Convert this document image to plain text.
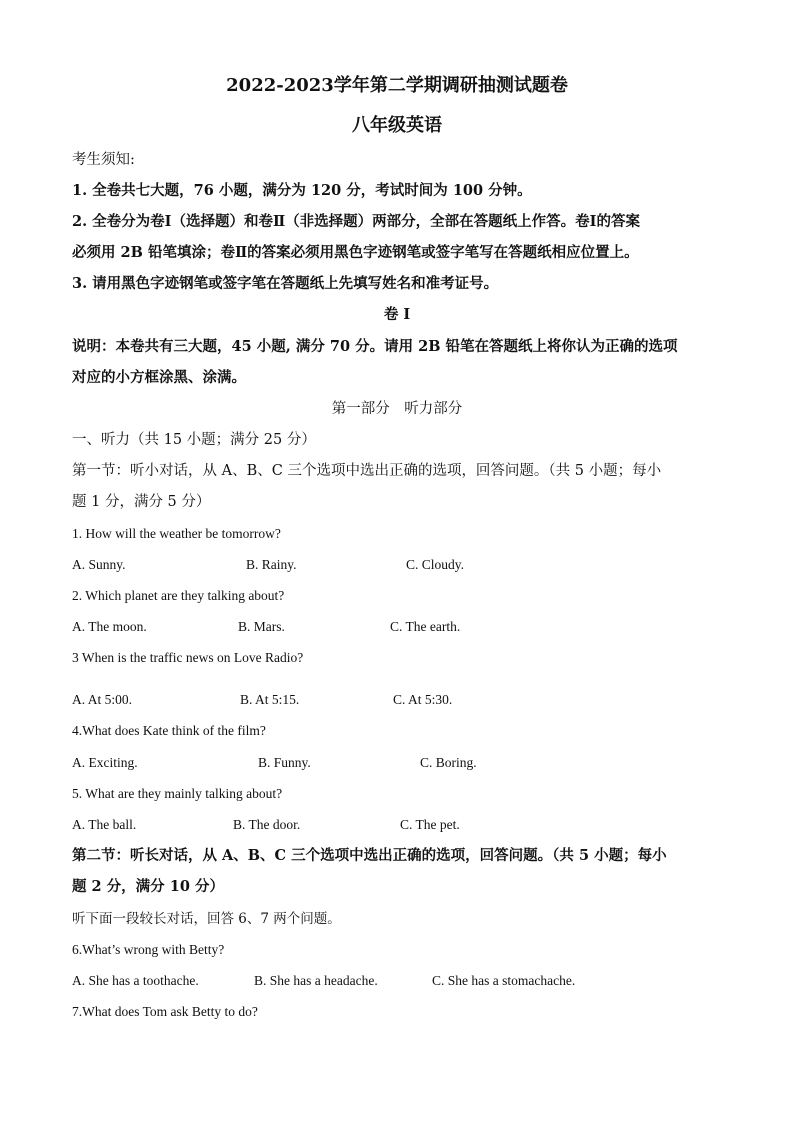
2022-2023学年第二学期调研抽测试题卷
八年级英语
考生须知:
1. 全卷共七大题，76 小题，满分为 120 分，考试时间为 100 分钟。
2. 全卷分为卷Ⅰ（选择题）和卷Ⅱ（非选择题）两部分，全部在答题纸上作答。卷Ⅰ的答案
必须用 2B 铅笔填涂；卷Ⅱ的答案必须用黑色字迹钢笔或签字笔写在答题纸相应位置上。
3. 请用黑色字迹钢笔或签字笔在答题纸上先填写姓名和准考证号。
卷 Ⅰ
说明：本卷共有三大题，45 小题, 满分 70 分。请用 2B 铅笔在答题纸上将你认为正确的选项
对应的小方框涂黑、涂满。
第一部分　听力部分
一、听力（共 15 小题；满分 25 分）
第一节：听小对话，从 A、B、C 三个选项中选出正确的选项，回答问题。（共 5 小题；每小
题 1 分，满分 5 分）
1. How will the weather be tomorrow?
A. Sunny.	B. Rainy.	C. Cloudy.
2. Which planet are they talking about?
A. The moon.	B. Mars.	C. The earth.
3 When is the traffic news on Love Radio?
A. At 5:00.	B. At 5:15.	C. At 5:30.
4.What does Kate think of the film?
A. Exciting.	B. Funny.	C. Boring.
5. What are they mainly talking about?
A. The ball.	B. The door.	C. The pet.
第二节：听长对话，从 A、B、C 三个选项中选出正确的选项，回答问题。（共 5 小题；每小
题 2 分，满分 10 分）
听下面一段较长对话，回答 6、7 两个问题。
6.What’s wrong with Betty?
A. She has a toothache.	B. She has a headache.	C. She has a stomachache.
7.What does Tom ask Betty to do?
